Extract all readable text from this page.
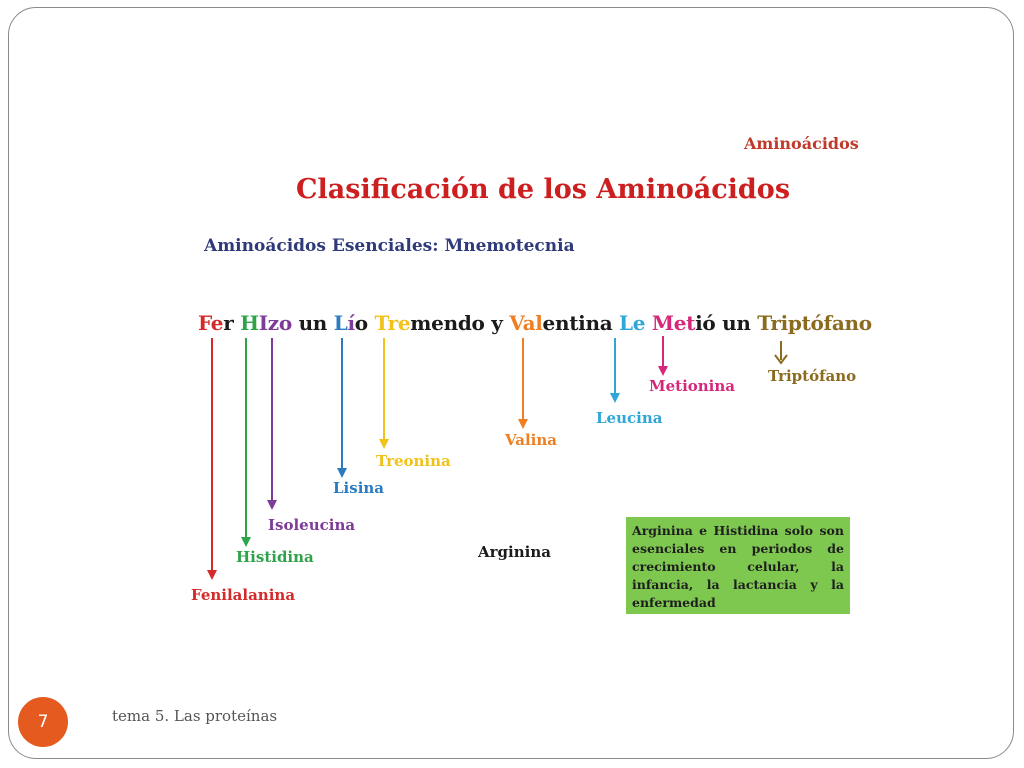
Aminoácidos
Clasificación de los Aminoácidos
Aminoácidos Esenciales: Mnemotecnia
Fer HIzo un Lío Tremendo y Valentina Le Metió un Triptófano
Fenilalanina
Histidina
Isoleucina
Lisina
Treonina
Valina
Leucina
Metionina
Triptófano
Arginina
Arginina e Histidina solo son esenciales en periodos de crecimiento celular, la infancia, la lactancia y la enfermedad
7	tema 5. Las proteínas
